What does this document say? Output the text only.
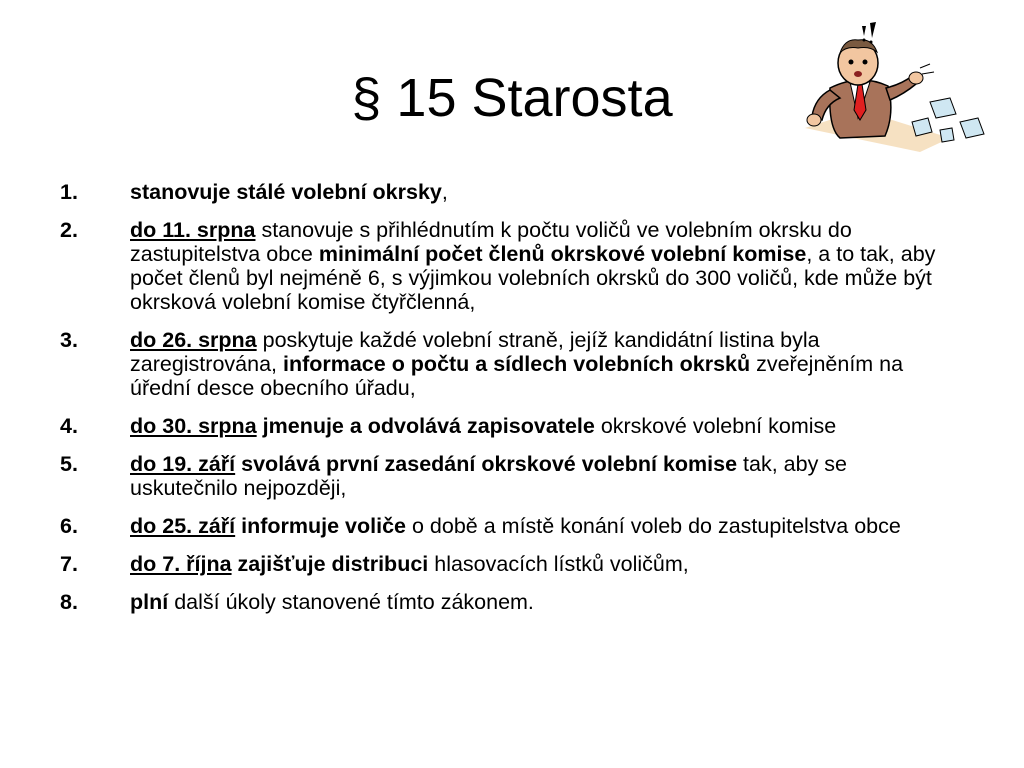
§ 15 Starosta
1. stanovuje stálé volební okrsky,
2. do 11. srpna stanovuje s přihlédnutím k počtu voličů ve volebním okrsku do zastupitelstva obce minimální počet členů okrskové volební komise, a to tak, aby počet členů byl nejméně 6, s výjimkou volebních okrsků do 300 voličů, kde může být okrsková volební komise čtyřčlenná,
3. do 26. srpna poskytuje každé volební straně, jejíž kandidátní listina byla zaregistrována, informace o počtu a sídlech volebních okrsků zveřejněním na úřední desce obecního úřadu,
4. do 30. srpna jmenuje a odvolává zapisovatele okrskové volební komise
5. do 19. září svolává první zasedání okrskové volební komise tak, aby se uskutečnilo nejpozději,
6. do 25. září informuje voliče o době a místě konání voleb do zastupitelstva obce
7. do 7. října zajišťuje distribuci hlasovacích lístků voličům,
8. plní další úkoly stanovené tímto zákonem.
